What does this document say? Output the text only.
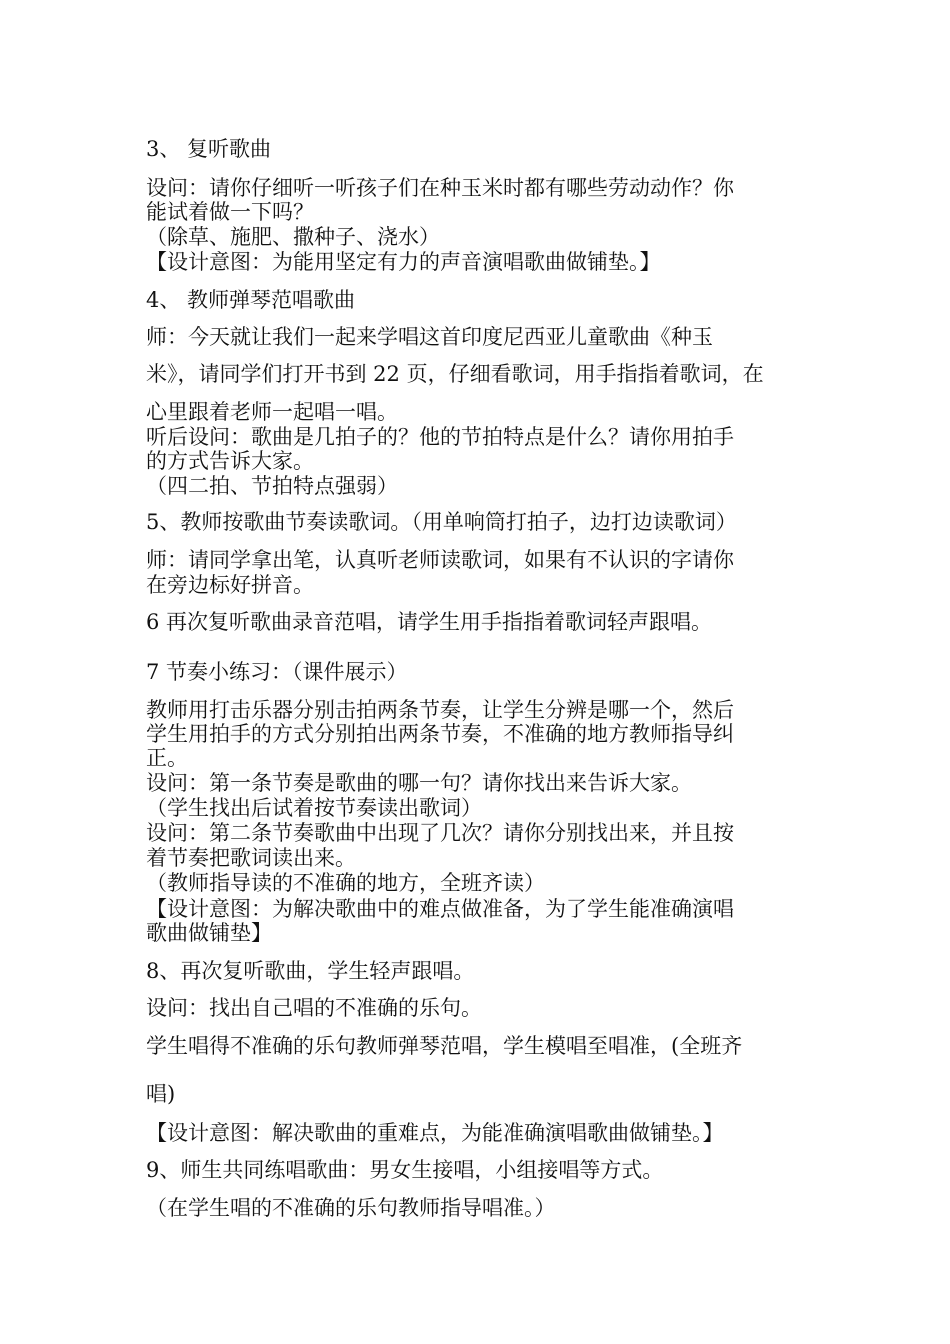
3、 复听歌曲
设问：请你仔细听一听孩子们在种玉米时都有哪些劳动动作？你
能试着做一下吗？
（除草、施肥、撒种子、浇水）
【设计意图：为能用坚定有力的声音演唱歌曲做铺垫。】
4、 教师弹琴范唱歌曲
师：今天就让我们一起来学唱这首印度尼西亚儿童歌曲《种玉
米》，请同学们打开书到 22 页，仔细看歌词，用手指指着歌词，在
心里跟着老师一起唱一唱。
听后设问：歌曲是几拍子的？他的节拍特点是什么？请你用拍手
的方式告诉大家。
（四二拍、节拍特点强弱）
5、教师按歌曲节奏读歌词。（用单响筒打拍子，边打边读歌词）
师：请同学拿出笔，认真听老师读歌词，如果有不认识的字请你
在旁边标好拼音。
6 再次复听歌曲录音范唱，请学生用手指指着歌词轻声跟唱。
7 节奏小练习：（课件展示）
教师用打击乐器分别击拍两条节奏，让学生分辨是哪一个，然后
学生用拍手的方式分别拍出两条节奏，不准确的地方教师指导纠
正。
设问：第一条节奏是歌曲的哪一句？请你找出来告诉大家。
（学生找出后试着按节奏读出歌词）
设问：第二条节奏歌曲中出现了几次？请你分别找出来，并且按
着节奏把歌词读出来。
（教师指导读的不准确的地方，全班齐读）
【设计意图：为解决歌曲中的难点做准备，为了学生能准确演唱
歌曲做铺垫】
8、再次复听歌曲，学生轻声跟唱。
设问：找出自己唱的不准确的乐句。
学生唱得不准确的乐句教师弹琴范唱，学生模唱至唱准，(全班齐
唱)
【设计意图：解决歌曲的重难点，为能准确演唱歌曲做铺垫。】
9、师生共同练唱歌曲：男女生接唱，小组接唱等方式。
（在学生唱的不准确的乐句教师指导唱准。）
